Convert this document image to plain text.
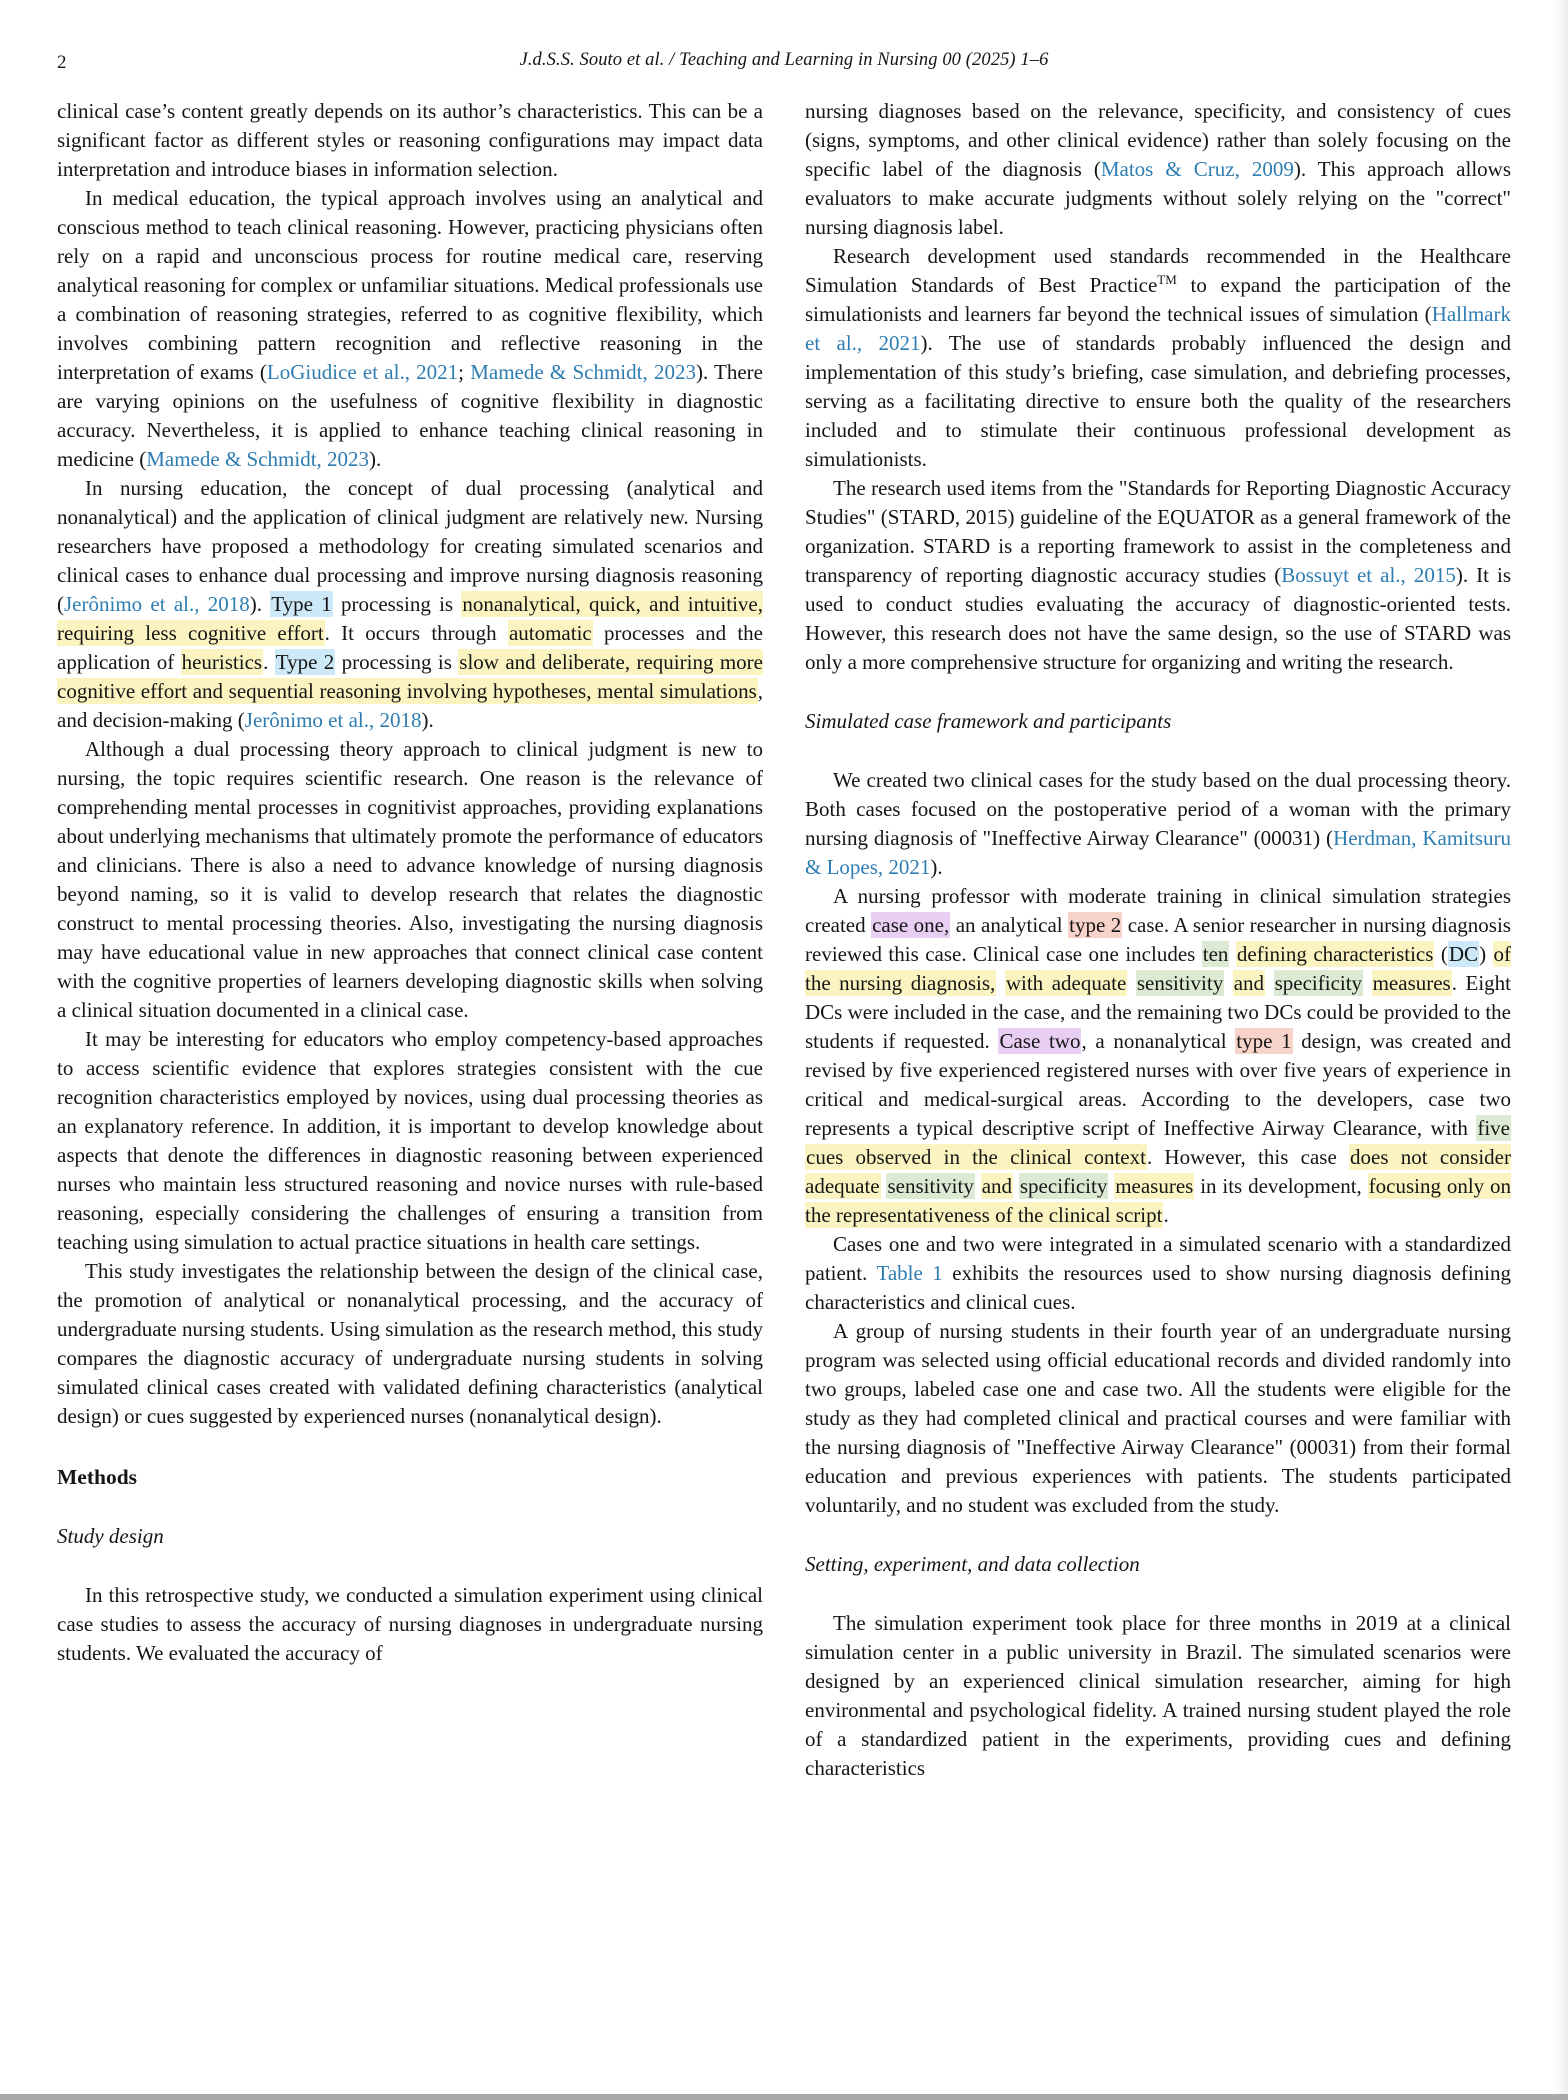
2	J.d.S.S. Souto et al. / Teaching and Learning in Nursing 00 (2025) 1–6

clinical case’s content greatly depends on its author’s characteristics. This can be a significant factor as different styles or reasoning configurations may impact data interpretation and introduce biases in information selection.

In medical education, the typical approach involves using an analytical and conscious method to teach clinical reasoning. However, practicing physicians often rely on a rapid and unconscious process for routine medical care, reserving analytical reasoning for complex or unfamiliar situations. Medical professionals use a combination of reasoning strategies, referred to as cognitive flexibility, which involves combining pattern recognition and reflective reasoning in the interpretation of exams (LoGiudice et al., 2021; Mamede & Schmidt, 2023). There are varying opinions on the usefulness of cognitive flexibility in diagnostic accuracy. Nevertheless, it is applied to enhance teaching clinical reasoning in medicine (Mamede & Schmidt, 2023).

In nursing education, the concept of dual processing (analytical and nonanalytical) and the application of clinical judgment are relatively new. Nursing researchers have proposed a methodology for creating simulated scenarios and clinical cases to enhance dual processing and improve nursing diagnosis reasoning (Jerônimo et al., 2018). Type 1 processing is nonanalytical, quick, and intuitive, requiring less cognitive effort. It occurs through automatic processes and the application of heuristics. Type 2 processing is slow and deliberate, requiring more cognitive effort and sequential reasoning involving hypotheses, mental simulations, and decision-making (Jerônimo et al., 2018).

Although a dual processing theory approach to clinical judgment is new to nursing, the topic requires scientific research. One reason is the relevance of comprehending mental processes in cognitivist approaches, providing explanations about underlying mechanisms that ultimately promote the performance of educators and clinicians. There is also a need to advance knowledge of nursing diagnosis beyond naming, so it is valid to develop research that relates the diagnostic construct to mental processing theories. Also, investigating the nursing diagnosis may have educational value in new approaches that connect clinical case content with the cognitive properties of learners developing diagnostic skills when solving a clinical situation documented in a clinical case.

It may be interesting for educators who employ competency-based approaches to access scientific evidence that explores strategies consistent with the cue recognition characteristics employed by novices, using dual processing theories as an explanatory reference. In addition, it is important to develop knowledge about aspects that denote the differences in diagnostic reasoning between experienced nurses who maintain less structured reasoning and novice nurses with rule-based reasoning, especially considering the challenges of ensuring a transition from teaching using simulation to actual practice situations in health care settings.

This study investigates the relationship between the design of the clinical case, the promotion of analytical or nonanalytical processing, and the accuracy of undergraduate nursing students. Using simulation as the research method, this study compares the diagnostic accuracy of undergraduate nursing students in solving simulated clinical cases created with validated defining characteristics (analytical design) or cues suggested by experienced nurses (nonanalytical design).

Methods
Study design

In this retrospective study, we conducted a simulation experiment using clinical case studies to assess the accuracy of nursing diagnoses in undergraduate nursing students. We evaluated the accuracy of

nursing diagnoses based on the relevance, specificity, and consistency of cues (signs, symptoms, and other clinical evidence) rather than solely focusing on the specific label of the diagnosis (Matos & Cruz, 2009). This approach allows evaluators to make accurate judgments without solely relying on the "correct" nursing diagnosis label.

Research development used standards recommended in the Healthcare Simulation Standards of Best Practice™ to expand the participation of the simulationists and learners far beyond the technical issues of simulation (Hallmark et al., 2021). The use of standards probably influenced the design and implementation of this study’s briefing, case simulation, and debriefing processes, serving as a facilitating directive to ensure both the quality of the researchers included and to stimulate their continuous professional development as simulationists.

The research used items from the "Standards for Reporting Diagnostic Accuracy Studies" (STARD, 2015) guideline of the EQUATOR as a general framework of the organization. STARD is a reporting framework to assist in the completeness and transparency of reporting diagnostic accuracy studies (Bossuyt et al., 2015). It is used to conduct studies evaluating the accuracy of diagnostic-oriented tests. However, this research does not have the same design, so the use of STARD was only a more comprehensive structure for organizing and writing the research.

Simulated case framework and participants

We created two clinical cases for the study based on the dual processing theory. Both cases focused on the postoperative period of a woman with the primary nursing diagnosis of "Ineffective Airway Clearance" (00031) (Herdman, Kamitsuru & Lopes, 2021).

A nursing professor with moderate training in clinical simulation strategies created case one, an analytical type 2 case. A senior researcher in nursing diagnosis reviewed this case. Clinical case one includes ten defining characteristics (DC) of the nursing diagnosis, with adequate sensitivity and specificity measures. Eight DCs were included in the case, and the remaining two DCs could be provided to the students if requested. Case two, a nonanalytical type 1 design, was created and revised by five experienced registered nurses with over five years of experience in critical and medical-surgical areas. According to the developers, case two represents a typical descriptive script of Ineffective Airway Clearance, with five cues observed in the clinical context. However, this case does not consider adequate sensitivity and specificity measures in its development, focusing only on the representativeness of the clinical script.

Cases one and two were integrated in a simulated scenario with a standardized patient. Table 1 exhibits the resources used to show nursing diagnosis defining characteristics and clinical cues.

A group of nursing students in their fourth year of an undergraduate nursing program was selected using official educational records and divided randomly into two groups, labeled case one and case two. All the students were eligible for the study as they had completed clinical and practical courses and were familiar with the nursing diagnosis of "Ineffective Airway Clearance" (00031) from their formal education and previous experiences with patients. The students participated voluntarily, and no student was excluded from the study.

Setting, experiment, and data collection

The simulation experiment took place for three months in 2019 at a clinical simulation center in a public university in Brazil. The simulated scenarios were designed by an experienced clinical simulation researcher, aiming for high environmental and psychological fidelity. A trained nursing student played the role of a standardized patient in the experiments, providing cues and defining characteristics
